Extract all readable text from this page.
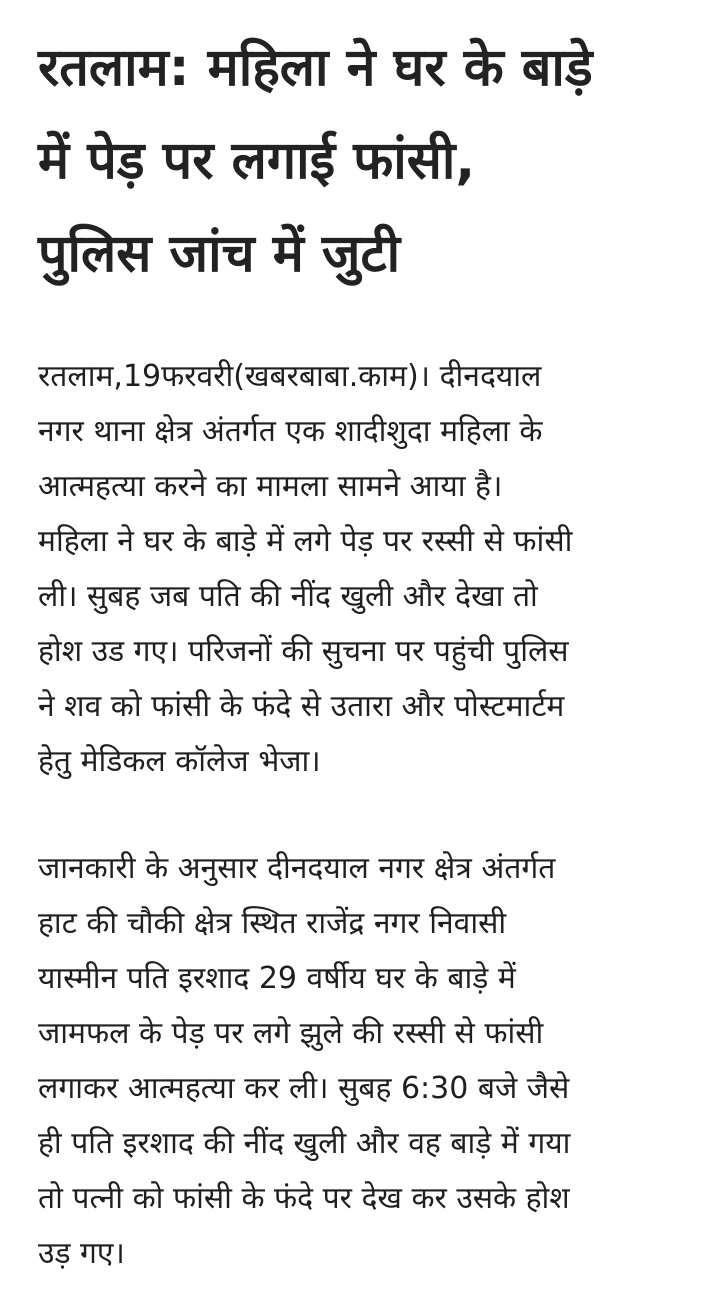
रतलाम: महिला ने घर के बाड़े
में पेड़ पर लगाई फांसी,
पुलिस जांच में जुटी

रतलाम,19फरवरी(खबरबाबा.काम)। दीनदयाल
नगर थाना क्षेत्र अंतर्गत एक शादीशुदा महिला के
आत्महत्या करने का मामला सामने आया है।
महिला ने घर के बाड़े में लगे पेड़ पर रस्सी से फांसी
ली। सुबह जब पति की नींद खुली और देखा तो
होश उड गए। परिजनों की सुचना पर पहुंची पुलिस
ने शव को फांसी के फंदे से उतारा और पोस्टमार्टम
हेतु मेडिकल कॉलेज भेजा।

जानकारी के अनुसार दीनदयाल नगर क्षेत्र अंतर्गत
हाट की चौकी क्षेत्र स्थित राजेंद्र नगर निवासी
यास्मीन पति इरशाद 29 वर्षीय घर के बाड़े में
जामफल के पेड़ पर लगे झुले की रस्सी से फांसी
लगाकर आत्महत्या कर ली। सुबह 6:30 बजे जैसे
ही पति इरशाद की नींद खुली और वह बाड़े में गया
तो पत्नी को फांसी के फंदे पर देख कर उसके होश
उड़ गए।
